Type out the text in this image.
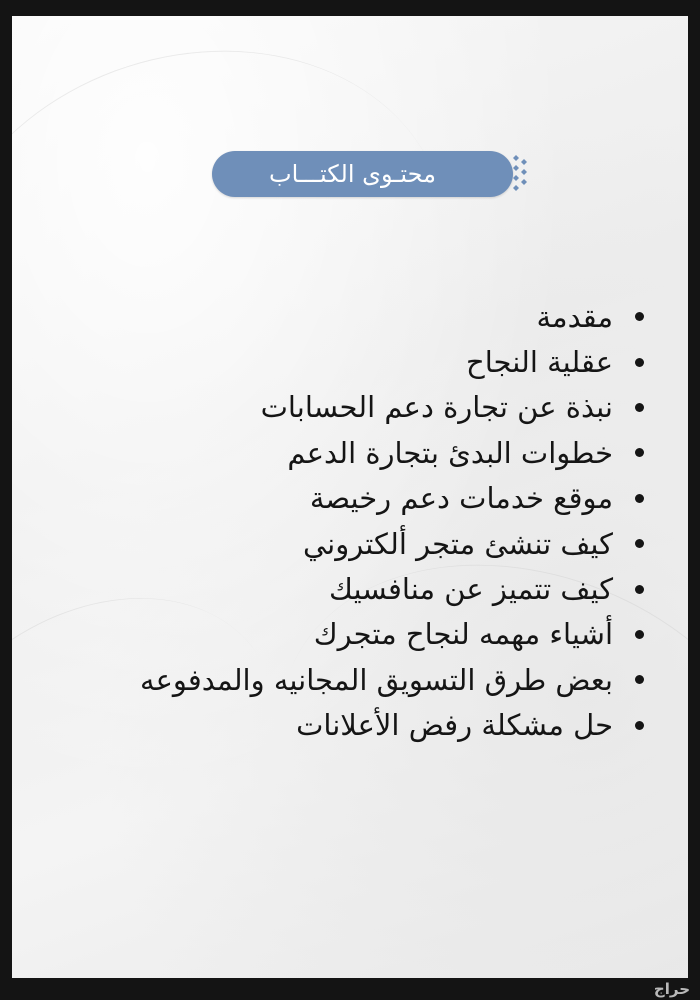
محتـوى الكتـــاب
مقدمة
عقلية النجاح
نبذة عن تجارة دعم الحسابات
خطوات البدئ بتجارة الدعم
موقع خدمات دعم رخيصة
كيف تنشئ متجر ألكتروني
كيف تتميز عن منافسيك
أشياء مهمه لنجاح متجرك
بعض طرق التسويق المجانيه والمدفوعه
حل مشكلة رفض الأعلانات
حراج
